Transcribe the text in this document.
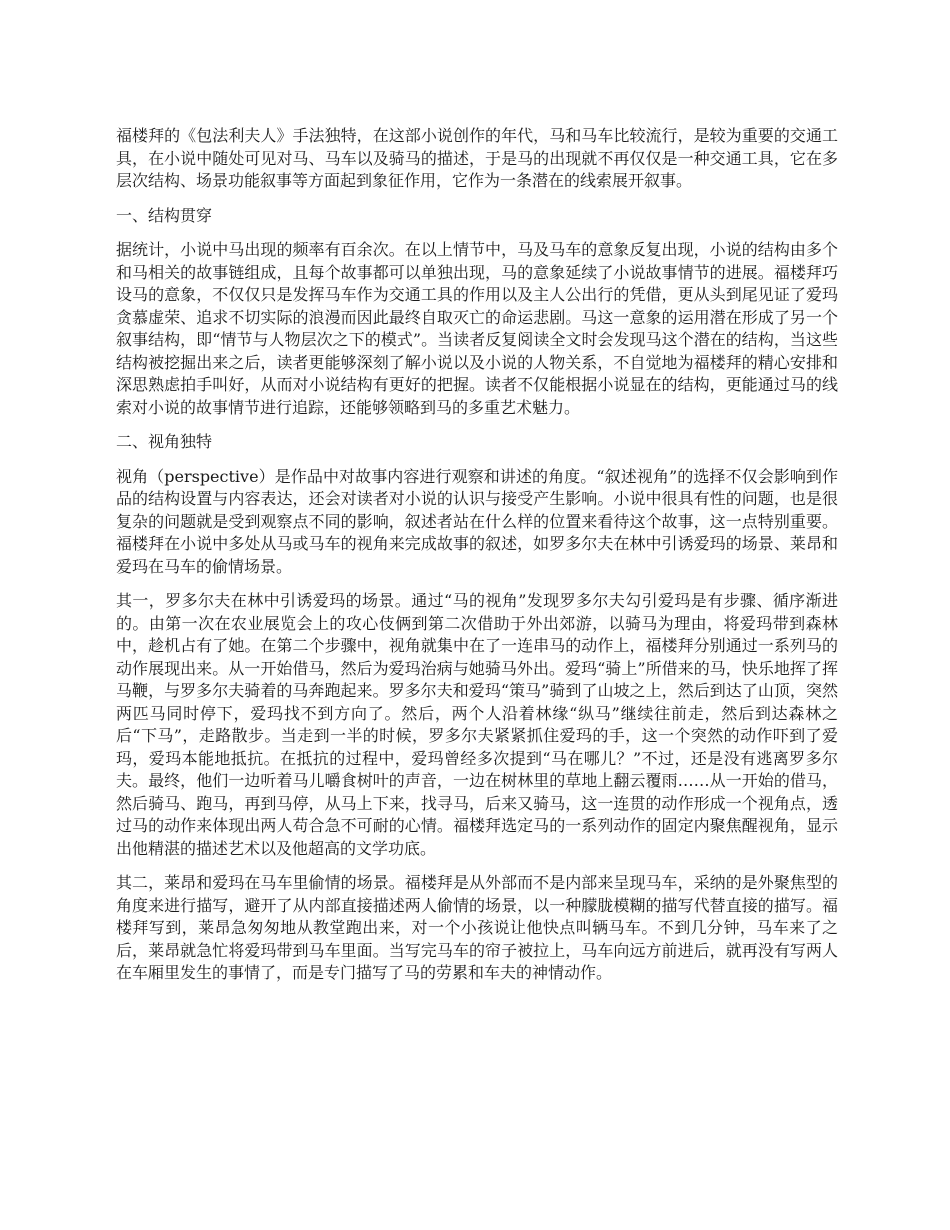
福楼拜的《包法利夫人》手法独特，在这部小说创作的年代，马和马车比较流行，是较为重要的交通工具，在小说中随处可见对马、马车以及骑马的描述，于是马的出现就不再仅仅是一种交通工具，它在多层次结构、场景功能叙事等方面起到象征作用，它作为一条潜在的线索展开叙事。

一、结构贯穿

据统计，小说中马出现的频率有百余次。在以上情节中，马及马车的意象反复出现，小说的结构由多个和马相关的故事链组成，且每个故事都可以单独出现，马的意象延续了小说故事情节的进展。福楼拜巧设马的意象，不仅仅只是发挥马车作为交通工具的作用以及主人公出行的凭借，更从头到尾见证了爱玛贪慕虚荣、追求不切实际的浪漫而因此最终自取灭亡的命运悲剧。马这一意象的运用潜在形成了另一个叙事结构，即“情节与人物层次之下的模式”。当读者反复阅读全文时会发现马这个潜在的结构，当这些结构被挖掘出来之后，读者更能够深刻了解小说以及小说的人物关系，不自觉地为福楼拜的精心安排和深思熟虑拍手叫好，从而对小说结构有更好的把握。读者不仅能根据小说显在的结构，更能通过马的线索对小说的故事情节进行追踪，还能够领略到马的多重艺术魅力。

二、视角独特

视角（perspective）是作品中对故事内容进行观察和讲述的角度。“叙述视角”的选择不仅会影响到作品的结构设置与内容表达，还会对读者对小说的认识与接受产生影响。小说中很具有性的问题，也是很复杂的问题就是受到观察点不同的影响，叙述者站在什么样的位置来看待这个故事，这一点特别重要。福楼拜在小说中多处从马或马车的视角来完成故事的叙述，如罗多尔夫在林中引诱爱玛的场景、莱昂和爱玛在马车的偷情场景。

其一，罗多尔夫在林中引诱爱玛的场景。通过“马的视角”发现罗多尔夫勾引爱玛是有步骤、循序渐进的。由第一次在农业展览会上的攻心伎俩到第二次借助于外出郊游，以骑马为理由，将爱玛带到森林中，趁机占有了她。在第二个步骤中，视角就集中在了一连串马的动作上，福楼拜分别通过一系列马的动作展现出来。从一开始借马，然后为爱玛治病与她骑马外出。爱玛“骑上”所借来的马，快乐地挥了挥马鞭，与罗多尔夫骑着的马奔跑起来。罗多尔夫和爱玛“策马”骑到了山坡之上，然后到达了山顶，突然两匹马同时停下，爱玛找不到方向了。然后，两个人沿着林缘“纵马”继续往前走，然后到达森林之后“下马”，走路散步。当走到一半的时候，罗多尔夫紧紧抓住爱玛的手，这一个突然的动作吓到了爱玛，爱玛本能地抵抗。在抵抗的过程中，爱玛曾经多次提到“马在哪儿？”不过，还是没有逃离罗多尔夫。最终，他们一边听着马儿嚼食树叶的声音，一边在树林里的草地上翻云覆雨……从一开始的借马，然后骑马、跑马，再到马停，从马上下来，找寻马，后来又骑马，这一连贯的动作形成一个视角点，透过马的动作来体现出两人苟合急不可耐的心情。福楼拜选定马的一系列动作的固定内聚焦醒视角，显示出他精湛的描述艺术以及他超高的文学功底。

其二，莱昂和爱玛在马车里偷情的场景。福楼拜是从外部而不是内部来呈现马车，采纳的是外聚焦型的角度来进行描写，避开了从内部直接描述两人偷情的场景，以一种朦胧模糊的描写代替直接的描写。福楼拜写到，莱昂急匆匆地从教堂跑出来，对一个小孩说让他快点叫辆马车。不到几分钟，马车来了之后，莱昂就急忙将爱玛带到马车里面。当写完马车的帘子被拉上，马车向远方前进后，就再没有写两人在车厢里发生的事情了，而是专门描写了马的劳累和车夫的神情动作。
